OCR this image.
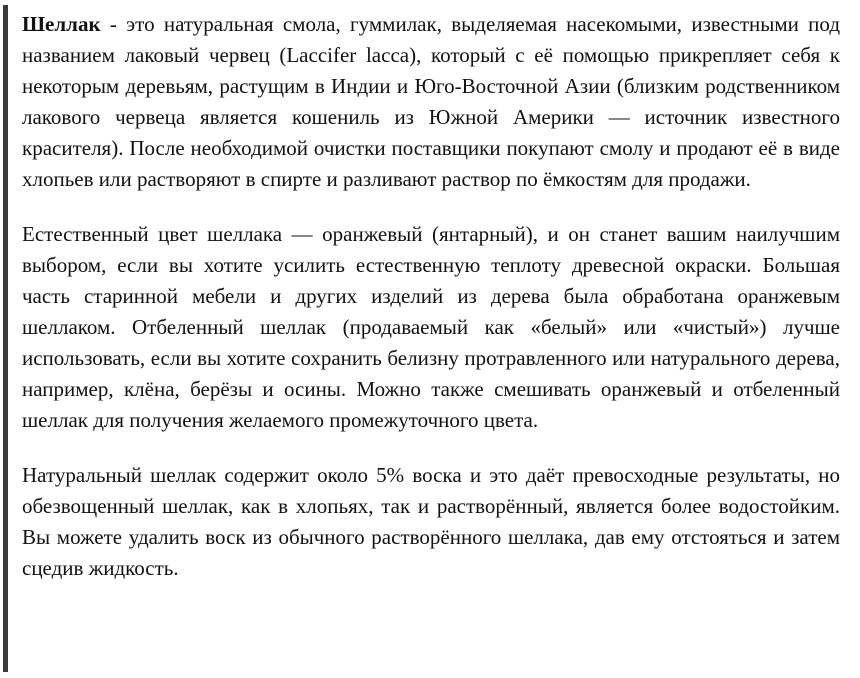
Шеллак - это натуральная смола, гуммилак, выделяемая насекомыми, известными под названием лаковый червец (Laccifer lacca), который с её помощью прикрепляет себя к некоторым деревьям, растущим в Индии и Юго-Восточной Азии (близким родственником лакового червеца является кошениль из Южной Америки — источник известного красителя). После необходимой очистки поставщики покупают смолу и продают её в виде хлопьев или растворяют в спирте и разливают раствор по ёмкостям для продажи.

Естественный цвет шеллака — оранжевый (янтарный), и он станет вашим наилучшим выбором, если вы хотите усилить естественную теплоту древесной окраски. Большая часть старинной мебели и других изделий из дерева была обработана оранжевым шеллаком. Отбеленный шеллак (продаваемый как «белый» или «чистый») лучше использовать, если вы хотите сохранить белизну протравленного или натурального дерева, например, клёна, берёзы и осины. Можно также смешивать оранжевый и отбеленный шеллак для получения желаемого промежуточного цвета.

Натуральный шеллак содержит около 5% воска и это даёт превосходные результаты, но обезвощенный шеллак, как в хлопьях, так и растворённый, является более водостойким. Вы можете удалить воск из обычного растворённого шеллака, дав ему отстояться и затем сцедив жидкость.
